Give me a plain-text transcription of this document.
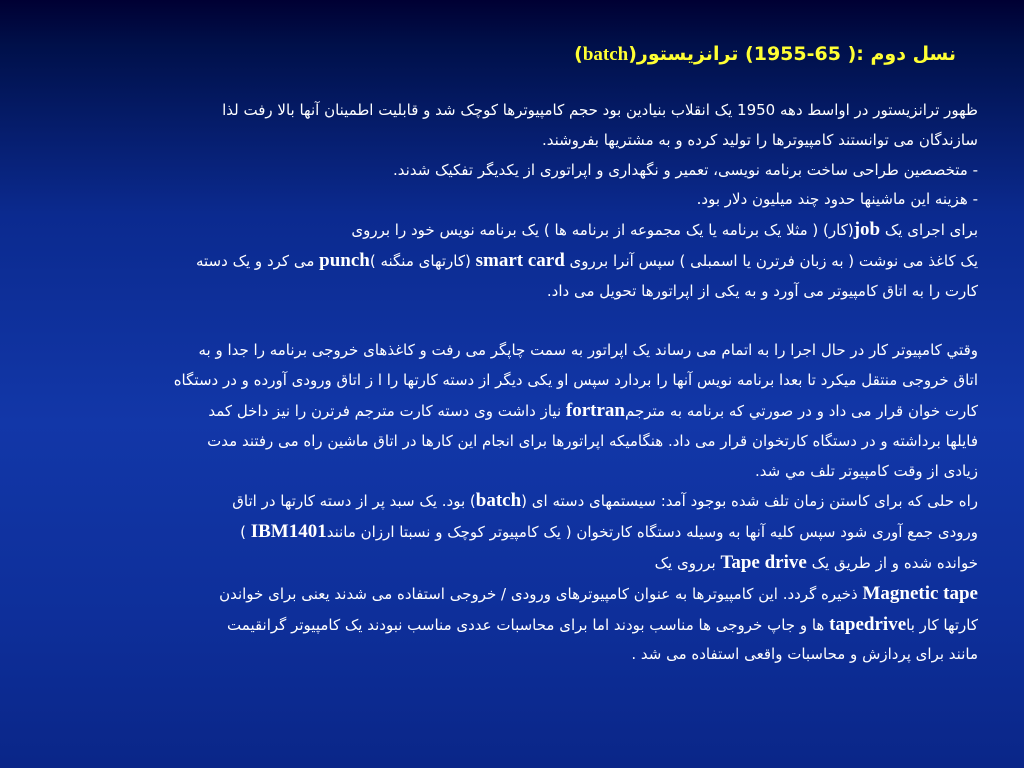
نسل دوم :( 65-1955) ترانزیستور(batch)

ظهور ترانزیستور در اواسط دهه 1950 یک انقلاب بنیادین بود حجم کامپیوترها کوچک شد و قابلیت اطمینان آنها بالا رفت لذا

سازندگان می توانستند کامپیوترها را تولید کرده و به مشتریها بفروشند.

- متخصصین طراحی ساخت برنامه نویسی، تعمیر و نگهداری و اپراتوری از یکدیگر تفکیک شدند.

- هزینه این ماشینها حدود چند میلیون دلار بود.

برای اجرای یک job(کار) ( مثلا یک برنامه یا یک مجموعه از برنامه ها ) یک برنامه نویس خود را برروی

یک کاغذ می نوشت ( به زبان فرترن یا اسمبلی ) سپس آنرا برروی smart card (کارتهای منگنه )punch می کرد و یک دسته

کارت را به اتاق کامپیوتر می آورد و به یکی از اپراتورها تحویل می داد.

وقتي کامپیوتر کار در حال اجرا را به اتمام می رساند یک اپراتور به سمت چاپگر می رفت و کاغذهای خروجی برنامه را جدا و به

اتاق خروجی منتقل میکرد تا بعدا برنامه نویس آنها را بردارد سپس او یکی دیگر از دسته کارتها را ا ز اتاق ورودی آورده و در دستگاه

کارت خوان قرار می داد و در صورتي که برنامه به مترجمfortran نیاز داشت وی دسته کارت مترجم فرترن را نیز داخل کمد

فایلها برداشته و در دستگاه کارتخوان قرار می داد. هنگامیکه اپراتورها برای انجام این کارها در اتاق ماشین راه می رفتند مدت

زیادی از وقت کامپیوتر تلف مي شد.

راه حلی که برای کاستن زمان تلف شده بوجود آمد: سیستمهای دسته ای (batch) بود. یک سبد پر از دسته کارتها در اتاق

ورودی جمع آوری شود سپس کلیه آنها به وسیله دستگاه کارتخوان ( یک کامپیوتر کوچک و نسبتا ارزان مانندIBM1401 )

خوانده شده و از طریق یک Tape drive برروی یک

Magnetic tape ذخیره گردد. این کامپیوترها به عنوان کامپیوترهای ورودی / خروجی استفاده می شدند یعنی برای خواندن

کارتها کار باtapedrive ها و جاپ خروجی ها مناسب بودند اما برای محاسبات عددی مناسب نبودند یک کامپیوتر گرانقیمت

مانند برای پردازش و محاسبات واقعی استفاده می شد .
